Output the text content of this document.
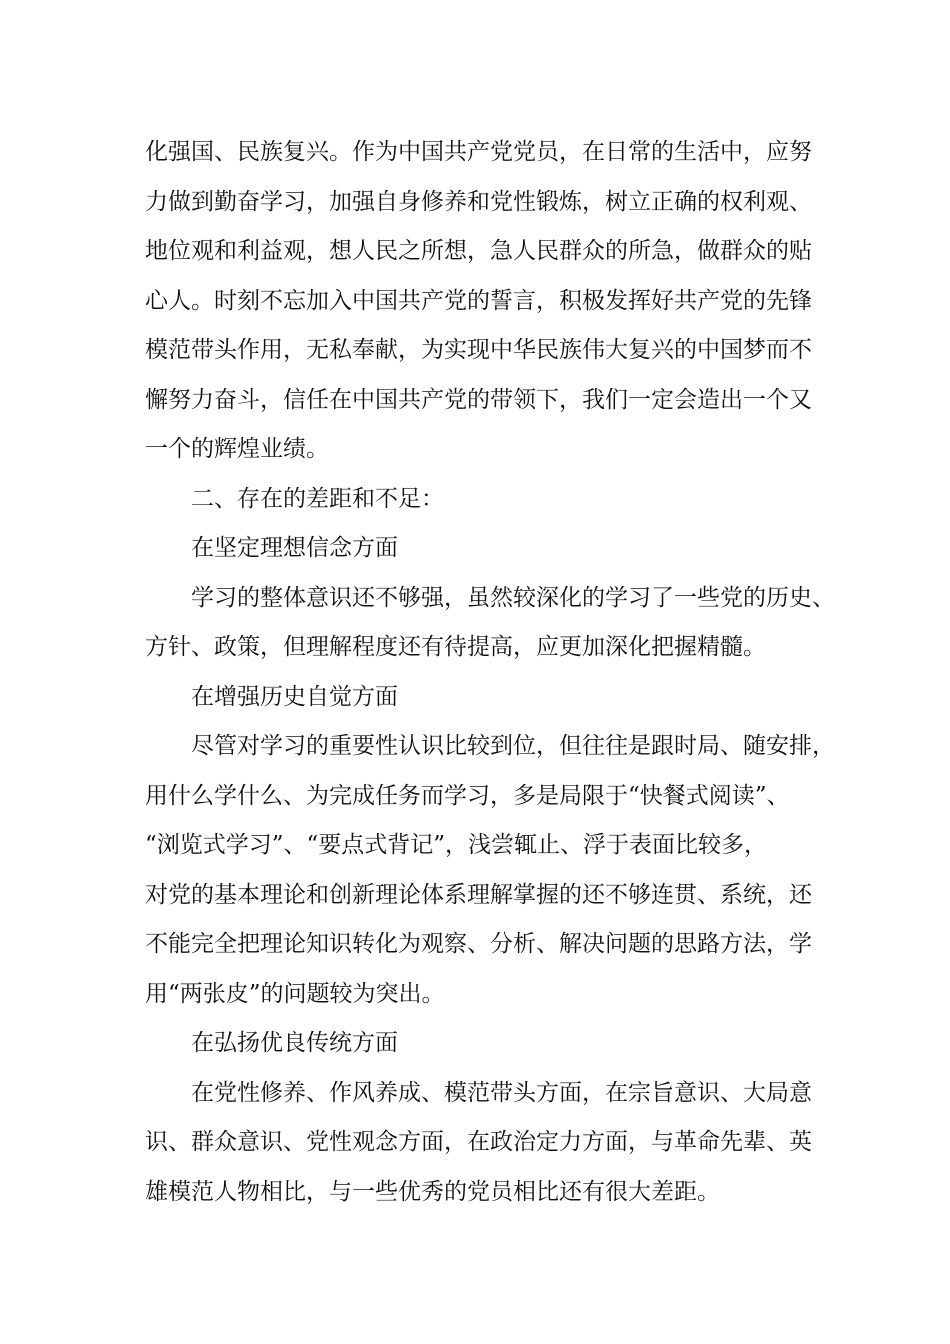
化强国、民族复兴。作为中国共产党党员，在日常的生活中，应努
力做到勤奋学习，加强自身修养和党性锻炼，树立正确的权利观、
地位观和利益观，想人民之所想，急人民群众的所急，做群众的贴
心人。时刻不忘加入中国共产党的誓言，积极发挥好共产党的先锋
模范带头作用，无私奉献，为实现中华民族伟大复兴的中国梦而不
懈努力奋斗，信任在中国共产党的带领下，我们一定会造出一个又
一个的辉煌业绩。
二、存在的差距和不足：
在坚定理想信念方面
学习的整体意识还不够强，虽然较深化的学习了一些党的历史、
方针、政策，但理解程度还有待提高，应更加深化把握精髓。
在增强历史自觉方面
尽管对学习的重要性认识比较到位，但往往是跟时局、随安排，
用什么学什么、为完成任务而学习，多是局限于“快餐式阅读”、
“浏览式学习”、“要点式背记”，浅尝辄止、浮于表面比较多，
对党的基本理论和创新理论体系理解掌握的还不够连贯、系统，还
不能完全把理论知识转化为观察、分析、解决问题的思路方法，学
用“两张皮”的问题较为突出。
在弘扬优良传统方面
在党性修养、作风养成、模范带头方面，在宗旨意识、大局意
识、群众意识、党性观念方面，在政治定力方面，与革命先辈、英
雄模范人物相比，与一些优秀的党员相比还有很大差距。
